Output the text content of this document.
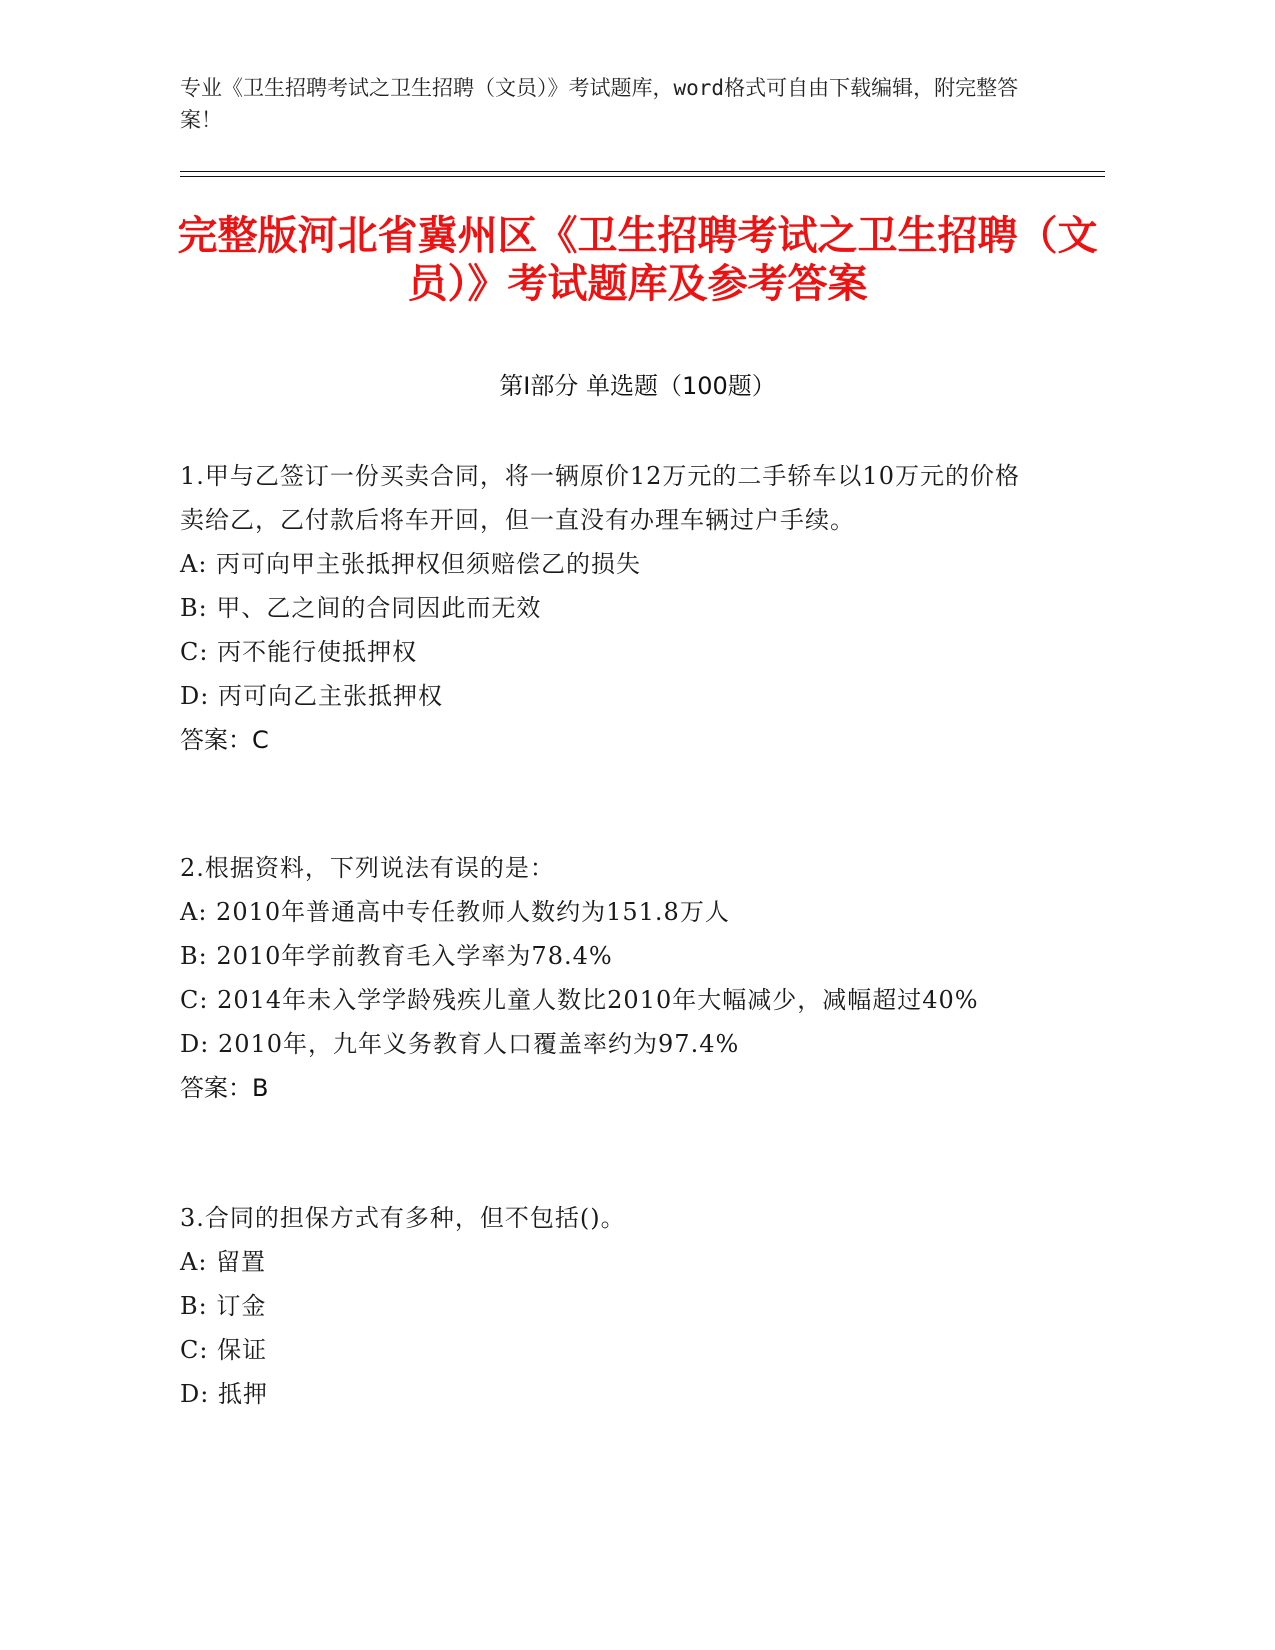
专业《卫生招聘考试之卫生招聘（文员）》考试题库，word格式可自由下载编辑，附完整答案！
完整版河北省冀州区《卫生招聘考试之卫生招聘（文员）》考试题库及参考答案
第Ⅰ部分 单选题（100题）

1.甲与乙签订一份买卖合同，将一辆原价12万元的二手轿车以10万元的价格卖给乙，乙付款后将车开回，但一直没有办理车辆过户手续。

A: 丙可向甲主张抵押权但须赔偿乙的损失

B: 甲、乙之间的合同因此而无效

C: 丙不能行使抵押权

D: 丙可向乙主张抵押权

答案：C

2.根据资料，下列说法有误的是：

A: 2010年普通高中专任教师人数约为151.8万人

B: 2010年学前教育毛入学率为78.4%

C: 2014年未入学学龄残疾儿童人数比2010年大幅减少，减幅超过40%

D: 2010年，九年义务教育人口覆盖率约为97.4%

答案：B

3.合同的担保方式有多种，但不包括()。

A: 留置

B: 订金

C: 保证

D: 抵押
